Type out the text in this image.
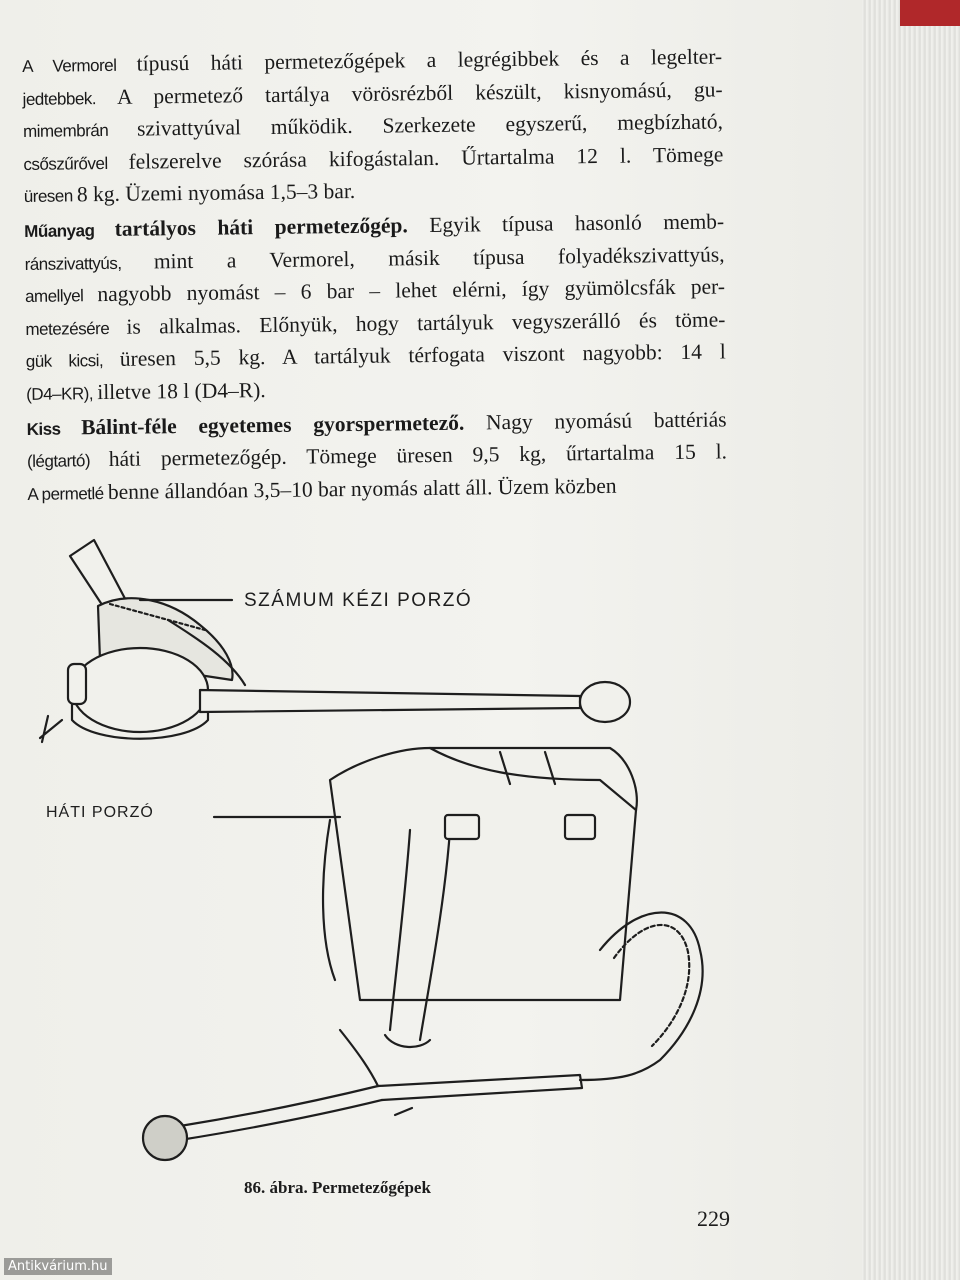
A Vermorel típusú háti permetezőgépek a legrégibbek és a legelter-
jedtebbek. A permetező tartálya vörösrézből készült, kisnyomású, gu-
mimembrán szivattyúval működik. Szerkezete egyszerű, megbízható,
csőszűrővel felszerelve szórása kifogástalan. Űrtartalma 12 l. Tömege
üresen 8 kg. Üzemi nyomása 1,5–3 bar.

Műanyag tartályos háti permetezőgép. Egyik típusa hasonló memb-
ránszivattyús, mint a Vermorel, másik típusa folyadékszivattyús,
amellyel nagyobb nyomást – 6 bar – lehet elérni, így gyümölcsfák per-
metezésére is alkalmas. Előnyük, hogy tartályuk vegyszerálló és töme-
gük kicsi, üresen 5,5 kg. A tartályuk térfogata viszont nagyobb: 14 l
(D4–KR), illetve 18 l (D4–R).

Kiss Bálint-féle egyetemes gyorspermetező. Nagy nyomású battériás
(légtartó) háti permetezőgép. Tömege üresen 9,5 kg, űrtartalma 15 l.
A permetlé benne állandóan 3,5–10 bar nyomás alatt áll. Üzem közben

SZÁMUM KÉZI PORZÓ
HÁTI PORZÓ
86. ábra. Permetezőgépek
229
Antikvárium.hu
